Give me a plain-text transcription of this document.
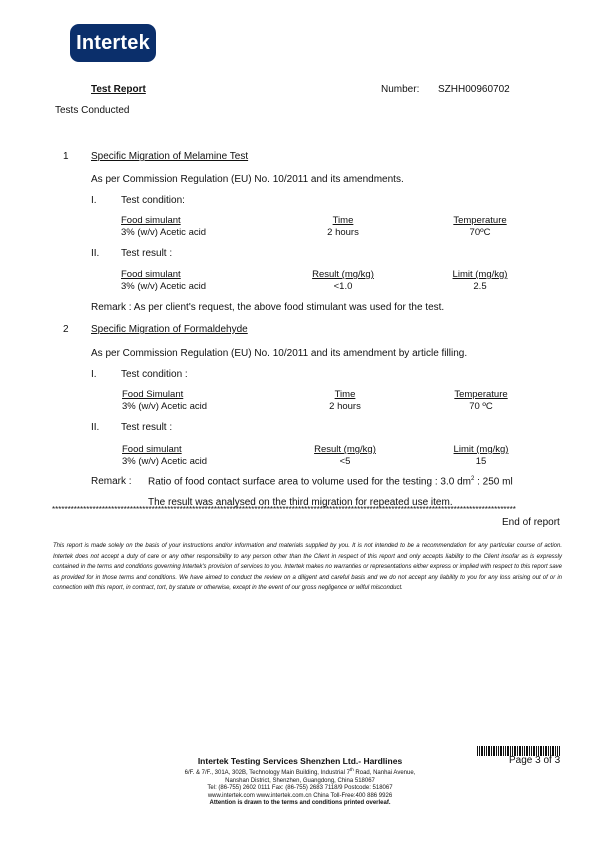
Intertek
Test Report	Number: SZHH00960702
Tests Conducted
1 Specific Migration of Melamine Test
As per Commission Regulation (EU) No. 10/2011 and its amendments.
I. Test condition:
Food simulant	Time	Temperature
3% (w/v) Acetic acid	2 hours	70ºC
II. Test result :
Food simulant	Result (mg/kg)	Limit (mg/kg)
3% (w/v) Acetic acid	<1.0	2.5
Remark : As per client's request, the above food stimulant was used for the test.
2 Specific Migration of Formaldehyde
As per Commission Regulation (EU) No. 10/2011 and its amendment by article filling.
I. Test condition :
Food Simulant	Time	Temperature
3% (w/v) Acetic acid	2 hours	70 ºC
II. Test result :
Food simulant	Result (mg/kg)	Limit (mg/kg)
3% (w/v) Acetic acid	<5	15
Remark : Ratio of food contact surface area to volume used for the testing : 3.0 $dm^2$ : 250 ml
The result was analysed on the third migration for repeated use item.
*****************************************************************************************************************************************************
End of report
This report is made solely on the basis of your instructions and/or information and materials supplied by you. It is not intended to be a recommendation for any particular course of action. Intertek does not accept a duty of care or any other responsibility to any person other than the Client in respect of this report and only accepts liability to the Client insofar as is expressly contained in the terms and conditions governing Intertek's provision of services to you. Intertek makes no warranties or representations either express or implied with respect to this report save as provided for in those terms and conditions. We have aimed to conduct the review on a diligent and careful basis and we do not accept any liability to you for any loss arising out of or in connection with this report, in contract, tort, by statute or otherwise, except in the event of our gross negligence or wilful misconduct.
Page 3 of 3
Intertek Testing Services Shenzhen Ltd.- Hardlines
6/F. & 7/F., 301A, 302B, Technology Main Building, Industrial 7th Road, Nanhai Avenue,
Nanshan District, Shenzhen, Guangdong, China 518067
Tel: (86-755) 2602 0111 Fax: (86-755) 2683 7118/9 Postcode: 518067
www.intertek.com www.intertek.com.cn China Toll-Free:400 886 9926
Attention is drawn to the terms and conditions printed overleaf.
